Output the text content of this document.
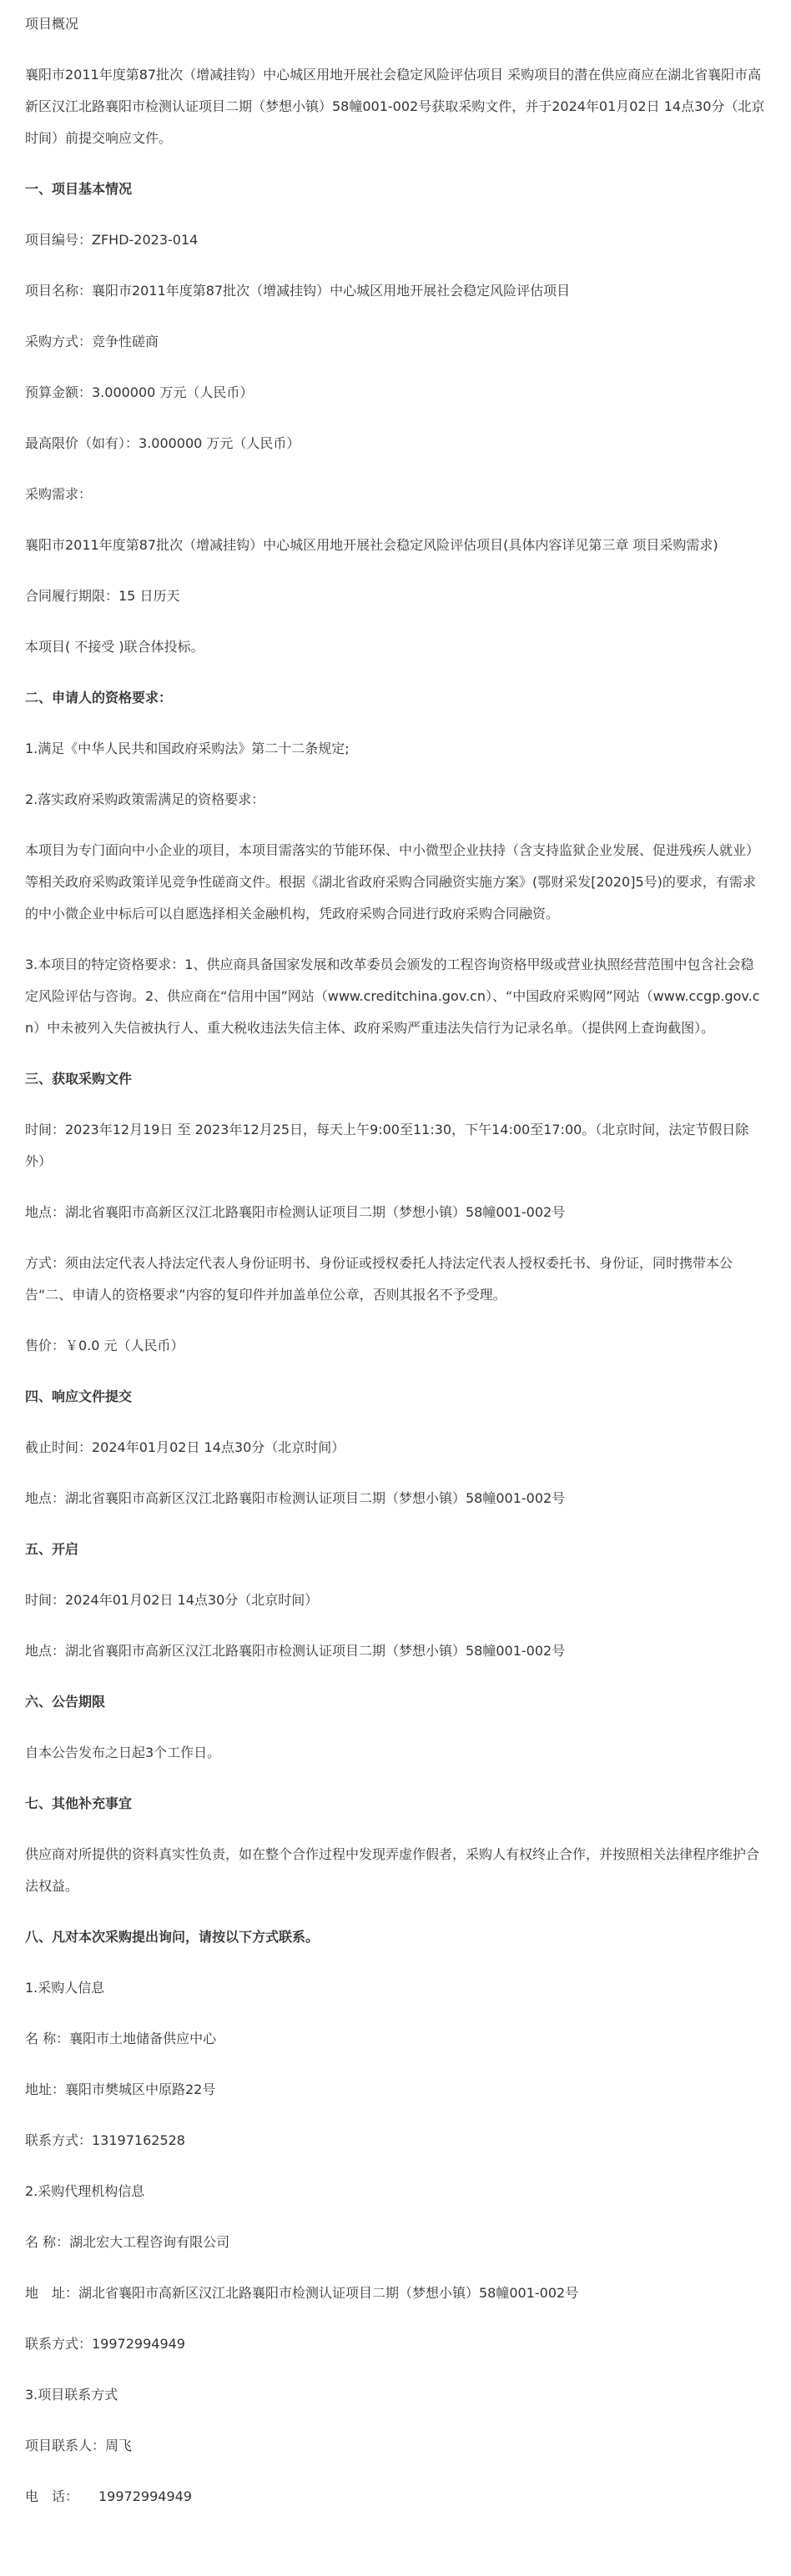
项目概况

襄阳市2011年度第87批次（增减挂钩）中心城区用地开展社会稳定风险评估项目 采购项目的潜在供应商应在湖北省襄阳市高新区汉江北路襄阳市检测认证项目二期（梦想小镇）58幢001-002号获取采购文件，并于2024年01月02日 14点30分（北京时间）前提交响应文件。

一、项目基本情况

项目编号：ZFHD-2023-014

项目名称：襄阳市2011年度第87批次（增减挂钩）中心城区用地开展社会稳定风险评估项目

采购方式：竞争性磋商

预算金额：3.000000 万元（人民币）

最高限价（如有）：3.000000 万元（人民币）

采购需求：

襄阳市2011年度第87批次（增减挂钩）中心城区用地开展社会稳定风险评估项目(具体内容详见第三章 项目采购需求)

合同履行期限：15 日历天

本项目( 不接受 )联合体投标。

二、申请人的资格要求：

1.满足《中华人民共和国政府采购法》第二十二条规定;

2.落实政府采购政策需满足的资格要求：

本项目为专门面向中小企业的项目，本项目需落实的节能环保、中小微型企业扶持（含支持监狱企业发展、促进残疾人就业）等相关政府采购政策详见竞争性磋商文件。根据《湖北省政府采购合同融资实施方案》(鄂财采发[2020]5号)的要求，有需求的中小微企业中标后可以自愿选择相关金融机构，凭政府采购合同进行政府采购合同融资。

3.本项目的特定资格要求：1、供应商具备国家发展和改革委员会颁发的工程咨询资格甲级或营业执照经营范围中包含社会稳定风险评估与咨询。2、供应商在“信用中国”网站（www.creditchina.gov.cn）、“中国政府采购网”网站（www.ccgp.gov.cn）中未被列入失信被执行人、重大税收违法失信主体、政府采购严重违法失信行为记录名单。（提供网上查询截图）。

三、获取采购文件

时间：2023年12月19日 至 2023年12月25日，每天上午9:00至11:30，下午14:00至17:00。（北京时间，法定节假日除外）

地点：湖北省襄阳市高新区汉江北路襄阳市检测认证项目二期（梦想小镇）58幢001-002号

方式：须由法定代表人持法定代表人身份证明书、身份证或授权委托人持法定代表人授权委托书、身份证，同时携带本公告“二、申请人的资格要求”内容的复印件并加盖单位公章，否则其报名不予受理。

售价：￥0.0 元（人民币）

四、响应文件提交

截止时间：2024年01月02日 14点30分（北京时间）

地点：湖北省襄阳市高新区汉江北路襄阳市检测认证项目二期（梦想小镇）58幢001-002号

五、开启

时间：2024年01月02日 14点30分（北京时间）

地点：湖北省襄阳市高新区汉江北路襄阳市检测认证项目二期（梦想小镇）58幢001-002号

六、公告期限

自本公告发布之日起3个工作日。

七、其他补充事宜

供应商对所提供的资料真实性负责，如在整个合作过程中发现弄虚作假者，采购人有权终止合作，并按照相关法律程序维护合法权益。

八、凡对本次采购提出询问，请按以下方式联系。

1.采购人信息

名 称：襄阳市土地储备供应中心

地址：襄阳市樊城区中原路22号

联系方式：13197162528

2.采购代理机构信息

名 称：湖北宏大工程咨询有限公司

地　址：湖北省襄阳市高新区汉江北路襄阳市检测认证项目二期（梦想小镇）58幢001-002号

联系方式：19972994949

3.项目联系方式

项目联系人：周飞

电　话：　　19972994949
